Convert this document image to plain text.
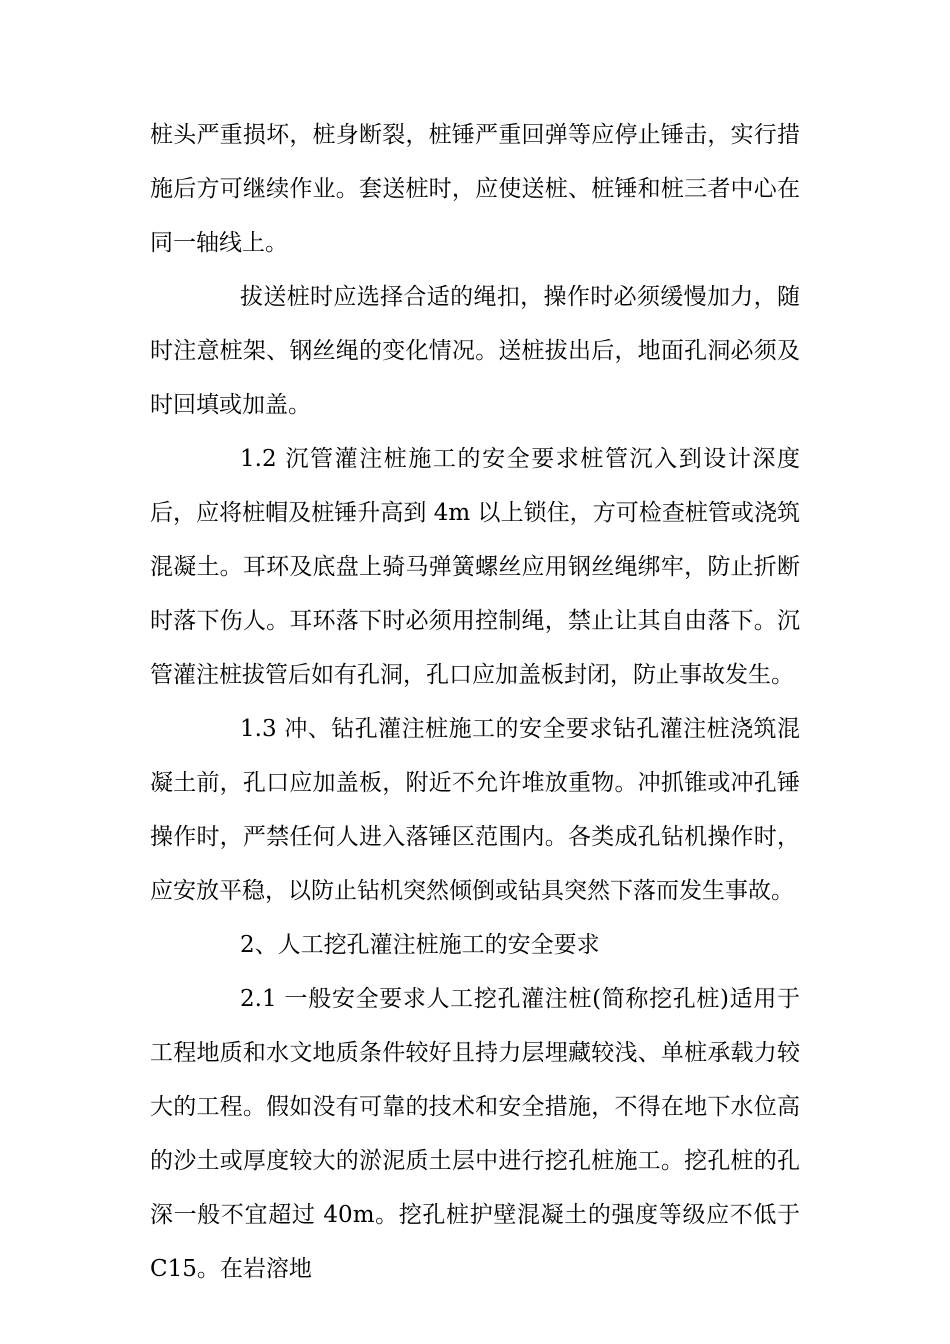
桩头严重损坏，桩身断裂，桩锤严重回弹等应停止锤击，实行措施后方可继续作业。套送桩时，应使送桩、桩锤和桩三者中心在同一轴线上。

拔送桩时应选择合适的绳扣，操作时必须缓慢加力，随时注意桩架、钢丝绳的变化情况。送桩拔出后，地面孔洞必须及时回填或加盖。

1.2 沉管灌注桩施工的安全要求桩管沉入到设计深度后，应将桩帽及桩锤升高到 4m 以上锁住，方可检查桩管或浇筑混凝土。耳环及底盘上骑马弹簧螺丝应用钢丝绳绑牢，防止折断时落下伤人。耳环落下时必须用控制绳，禁止让其自由落下。沉管灌注桩拔管后如有孔洞，孔口应加盖板封闭，防止事故发生。

1.3 冲、钻孔灌注桩施工的安全要求钻孔灌注桩浇筑混凝土前，孔口应加盖板，附近不允许堆放重物。冲抓锥或冲孔锤操作时，严禁任何人进入落锤区范围内。各类成孔钻机操作时，应安放平稳，以防止钻机突然倾倒或钻具突然下落而发生事故。

2、人工挖孔灌注桩施工的安全要求

2.1 一般安全要求人工挖孔灌注桩(简称挖孔桩)适用于工程地质和水文地质条件较好且持力层埋藏较浅、单桩承载力较大的工程。假如没有可靠的技术和安全措施，不得在地下水位高的沙土或厚度较大的淤泥质土层中进行挖孔桩施工。挖孔桩的孔深一般不宜超过 40m。挖孔桩护壁混凝土的强度等级应不低于 C15。在岩溶地
